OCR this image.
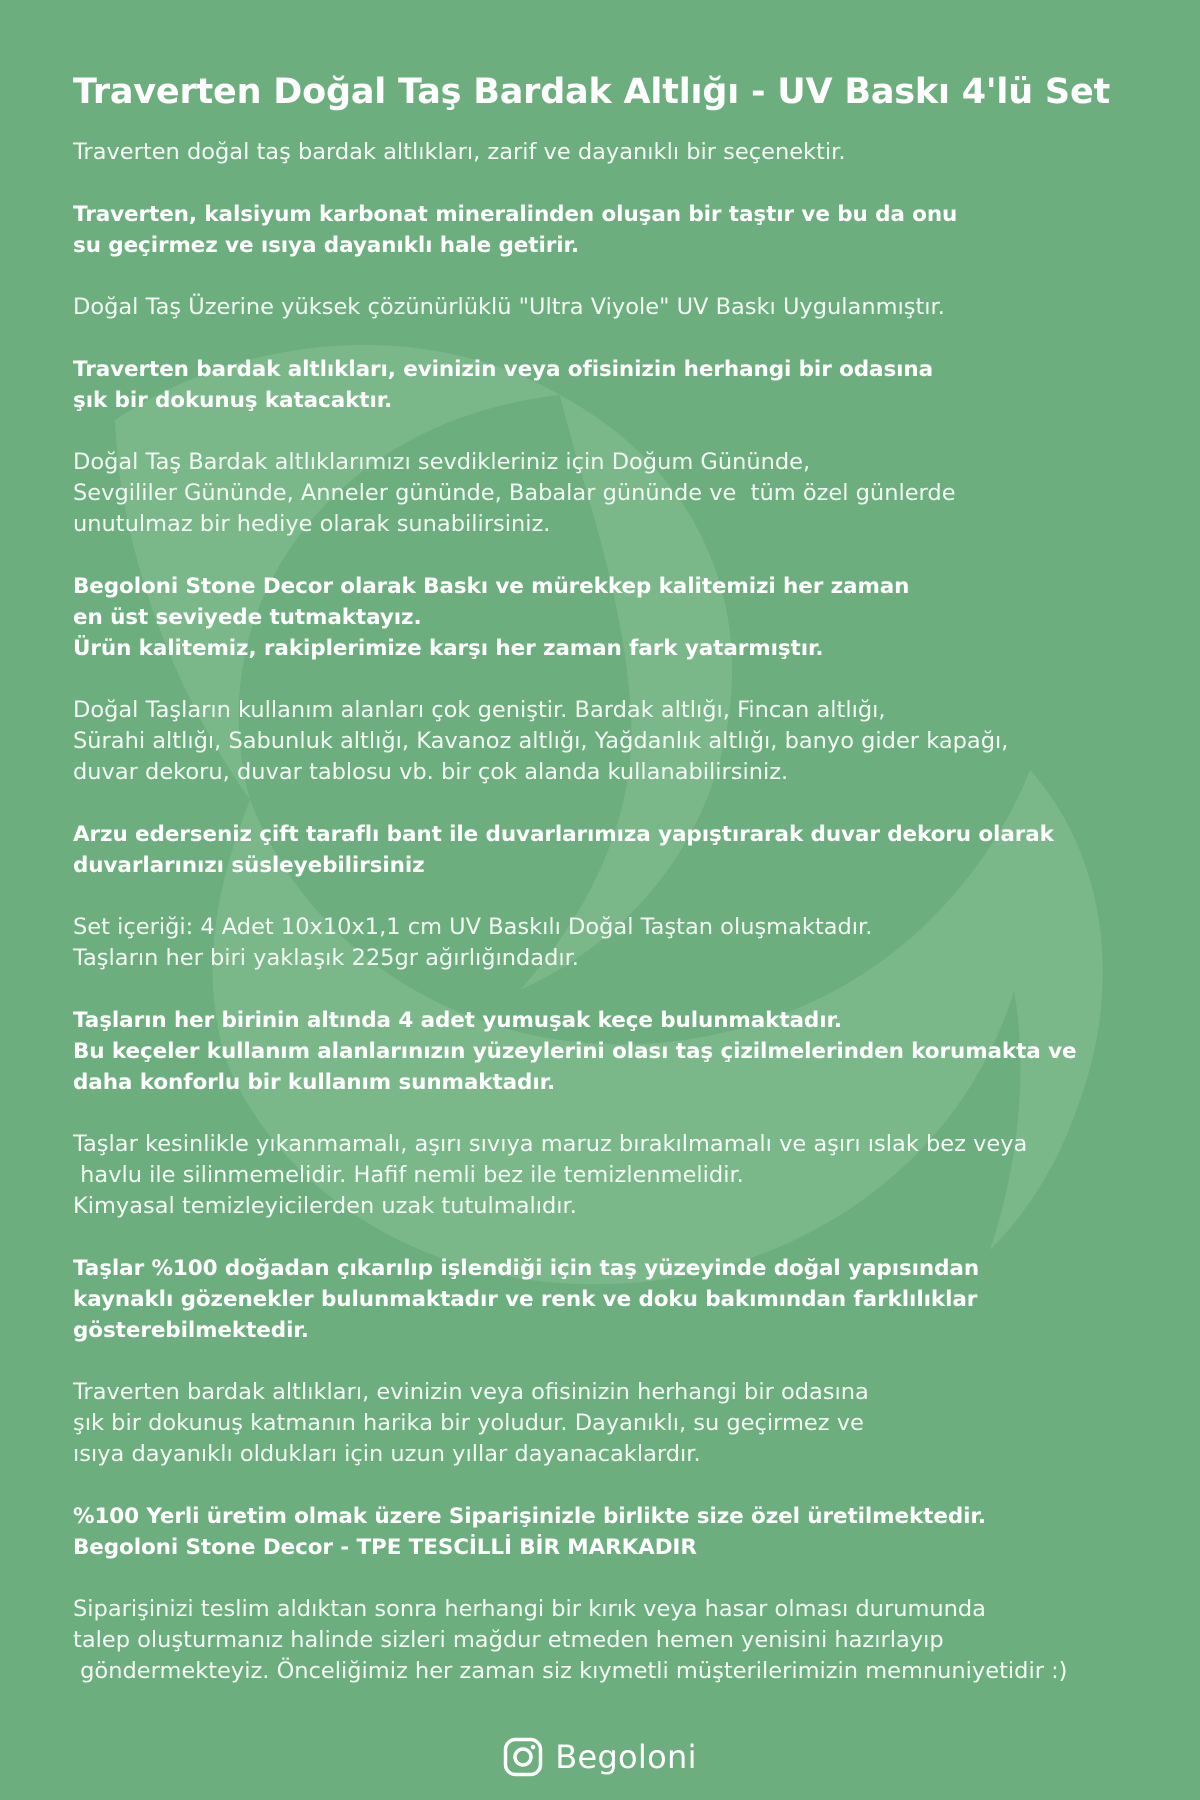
Traverten Doğal Taş Bardak Altlığı - UV Baskı 4'lü Set
Traverten doğal taş bardak altlıkları, zarif ve dayanıklı bir seçenektir.
Traverten, kalsiyum karbonat mineralinden oluşan bir taştır ve bu da onu
su geçirmez ve ısıya dayanıklı hale getirir.
Doğal Taş Üzerine yüksek çözünürlüklü "Ultra Viyole" UV Baskı Uygulanmıştır.
Traverten bardak altlıkları, evinizin veya ofisinizin herhangi bir odasına
şık bir dokunuş katacaktır.
Doğal Taş Bardak altlıklarımızı sevdikleriniz için Doğum Gününde,
Sevgililer Gününde, Anneler gününde, Babalar gününde ve  tüm özel günlerde
unutulmaz bir hediye olarak sunabilirsiniz.
Begoloni Stone Decor olarak Baskı ve mürekkep kalitemizi her zaman
en üst seviyede tutmaktayız.
Ürün kalitemiz, rakiplerimize karşı her zaman fark yatarmıştır.
Doğal Taşların kullanım alanları çok geniştir. Bardak altlığı, Fincan altlığı,
Sürahi altlığı, Sabunluk altlığı, Kavanoz altlığı, Yağdanlık altlığı, banyo gider kapağı,
duvar dekoru, duvar tablosu vb. bir çok alanda kullanabilirsiniz.
Arzu ederseniz çift taraflı bant ile duvarlarımıza yapıştırarak duvar dekoru olarak
duvarlarınızı süsleyebilirsiniz
Set içeriği: 4 Adet 10x10x1,1 cm UV Baskılı Doğal Taştan oluşmaktadır.
Taşların her biri yaklaşık 225gr ağırlığındadır.
Taşların her birinin altında 4 adet yumuşak keçe bulunmaktadır.
Bu keçeler kullanım alanlarınızın yüzeylerini olası taş çizilmelerinden korumakta ve
daha konforlu bir kullanım sunmaktadır.
Taşlar kesinlikle yıkanmamalı, aşırı sıvıya maruz bırakılmamalı ve aşırı ıslak bez veya
havlu ile silinmemelidir. Hafif nemli bez ile temizlenmelidir.
Kimyasal temizleyicilerden uzak tutulmalıdır.
Taşlar %100 doğadan çıkarılıp işlendiği için taş yüzeyinde doğal yapısından
kaynaklı gözenekler bulunmaktadır ve renk ve doku bakımından farklılıklar
gösterebilmektedir.
Traverten bardak altlıkları, evinizin veya ofisinizin herhangi bir odasına
şık bir dokunuş katmanın harika bir yoludur. Dayanıklı, su geçirmez ve
ısıya dayanıklı oldukları için uzun yıllar dayanacaklardır.
%100 Yerli üretim olmak üzere Siparişinizle birlikte size özel üretilmektedir.
Begoloni Stone Decor - TPE TESCİLLİ BİR MARKADIR
Siparişinizi teslim aldıktan sonra herhangi bir kırık veya hasar olması durumunda
talep oluşturmanız halinde sizleri mağdur etmeden hemen yenisini hazırlayıp
göndermekteyiz. Önceliğimiz her zaman siz kıymetli müşterilerimizin memnuniyetidir :)
Begoloni
